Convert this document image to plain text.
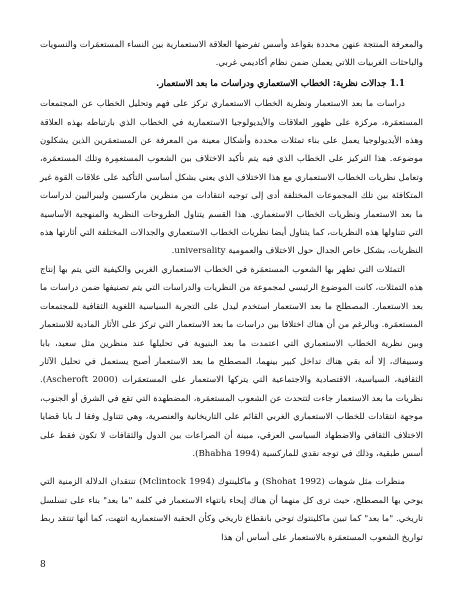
والمعرفة المنتجة عنهن محددة بقواعد وأسس تفرضها العلاقة الاستعمارية بين النساء المستعمَرات والنسويات والباحثات الغربيات اللاتي يعملن ضمن نظام أكاديمي غربي.

1.1 جدالات نظرية: الخطاب الاستعماري ودراسات ما بعد الاستعمار.

دراسات ما بعد الاستعمار ونظرية الخطاب الاستعماري تركز على فهم وتحليل الخطاب عن المجتمعات المستعمَرة، مركزة على ظهور العلاقات والأيديولوجيا الاستعمارية في الخطاب الذي بارتباطه بهذه العلاقة وهذه الأيديولوجيا يعمل على بناء تمثلات محددة وأشكال معينة من المعرفة عن المستعمَرين الذين يشكلون موضوعه. هذا التركيز على الخطاب الذي فيه يتم تأكيد الاختلاف بين الشعوب المستعمِرة وتلك المستعمَرة، وتعامل نظريات الخطاب الاستعماري مع هذا الاختلاف الذي يعني بشكل أساسي التأكيد على علاقات القوة غير المتكافئة بين تلك المجموعات المختلفة أدى إلى توجيه انتقادات من منظرين ماركسيين وليبراليين لدراسات ما بعد الاستعمار ونظريات الخطاب الاستعماري. هذا القسم يتناول الطروحات النظرية والمنهجية الأساسية التي تتناولها هذه النظريات، كما يتناول أيضا نظريات الخطاب الاستعماري والجدالات المختلفة التي أثارتها هذه النظريات، بشكل خاص الجدال حول الاختلاف والعمومية universality.

التمثلات التي تظهر بها الشعوب المستعمَرة في الخطاب الاستعماري الغربي والكيفية التي يتم بها إنتاج هذه التمثلات، كانت الموضوع الرئيسي لمجموعة من النظريات والدراسات التي يتم تصنيفها ضمن دراسات ما بعد الاستعمار. المصطلح ما بعد الاستعمار استخدم ليدل على التجربة السياسية اللغوية الثقافية للمجتمعات المستعمَرة. وبالرغم من أن هناك اختلافا بين دراسات ما بعد الاستعمار التي تركز على الأثار المادية للاستعمار وبين نظرية الخطاب الاستعماري التي اعتمدت ما بعد البنيوية في تحليلها عند منظرين مثل سعيد، بابا وسبيفاك، إلا أنه بقي هناك تداخل كبير بينهما، المصطلح ما بعد الاستعمار أصبح يستعمل في تحليل الآثار الثقافية، السياسية، الاقتصادية والاجتماعية التي يتركها الاستعمار على المستعمَرات (Ascheroft 2000). نظريات ما بعد الاستعمار جاءت لتتحدث عن الشعوب المستعمَرة، المضطهدة التي تقع في الشرق أو الجنوب، موجهة انتقادات للخطاب الاستعماري الغربي القائم على التاريخانية والعنصرية، وهي تتناول وفقا لـ بابا قضايا الاختلاف الثقافي والاضطهاد السياسي العرقي، مبينة أن الصراعات بين الدول والثقافات لا تكون فقط على أسس طبقية، وذلك في توجه نقدي للماركسية (Bhabha 1994).

منظرات مثل شوهات (1992 Shohat) و ماكلينتوك (1994 Mclintock) تنتقدان الدلالة الزمنية التي يوحي بها المصطلح، حيث ترى كل منهما أن هناك إيحاء بانتهاء الاستعمار في كلمة "ما بعد" بناء على تسلسل تاريخي. "ما بعد" كما تبين ماكلينتوك توحي بانقطاع تاريخي وكأن الحقبة الاستعمارية انتهت، كما أنها تنتقد ربط تواريخ الشعوب المستعمَرة بالاستعمار على أساس أن هذا

8
